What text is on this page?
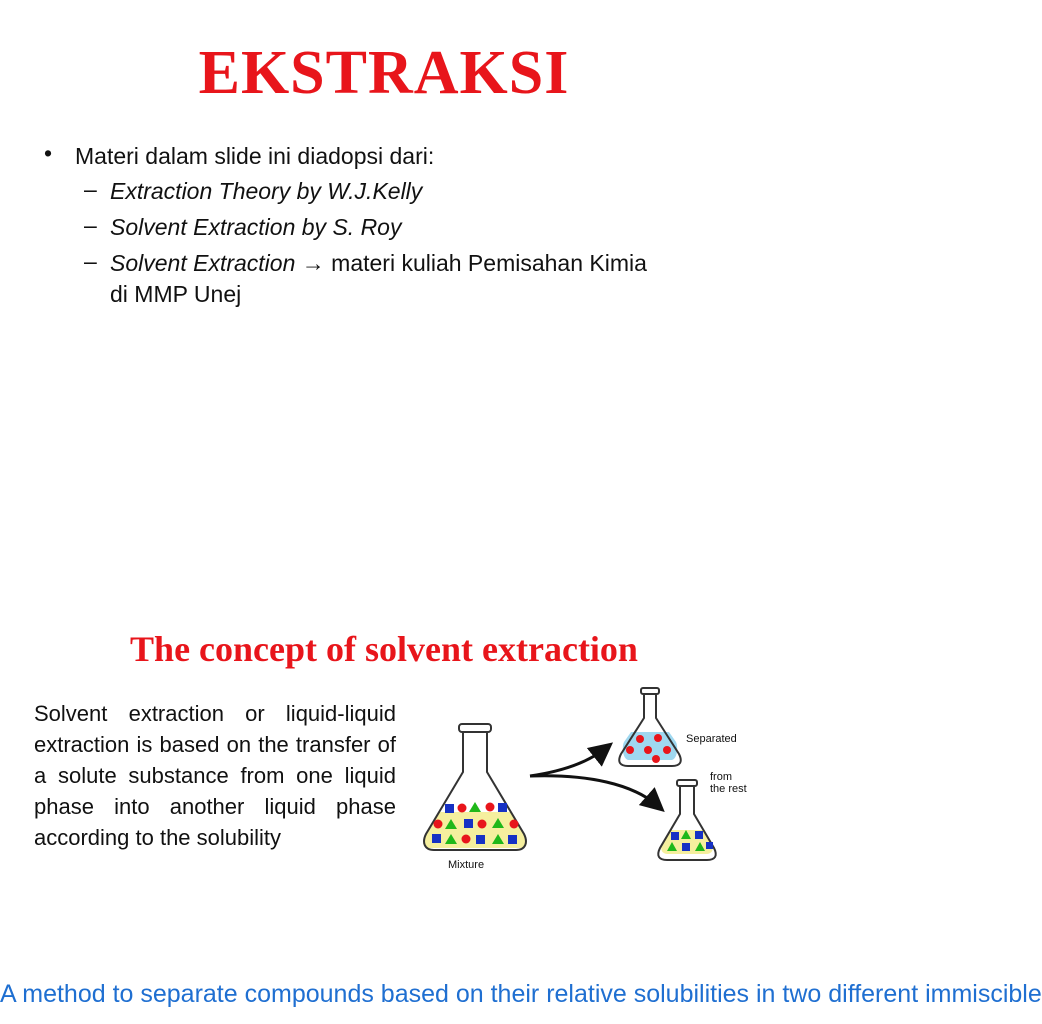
EKSTRAKSI
• Materi dalam slide ini diadopsi dari:
– Extraction Theory by W.J.Kelly
– Solvent Extraction by S. Roy
– Solvent Extraction → materi kuliah Pemisahan Kimia
di MMP Unej
The concept of solvent extraction
Solvent extraction or liquid-liquid extraction is based on the transfer of a solute substance from one liquid phase into another liquid phase according to the solubility
Mixture
Separated
from
the rest
A method to separate compounds based on their relative solubilities in two different immiscible
